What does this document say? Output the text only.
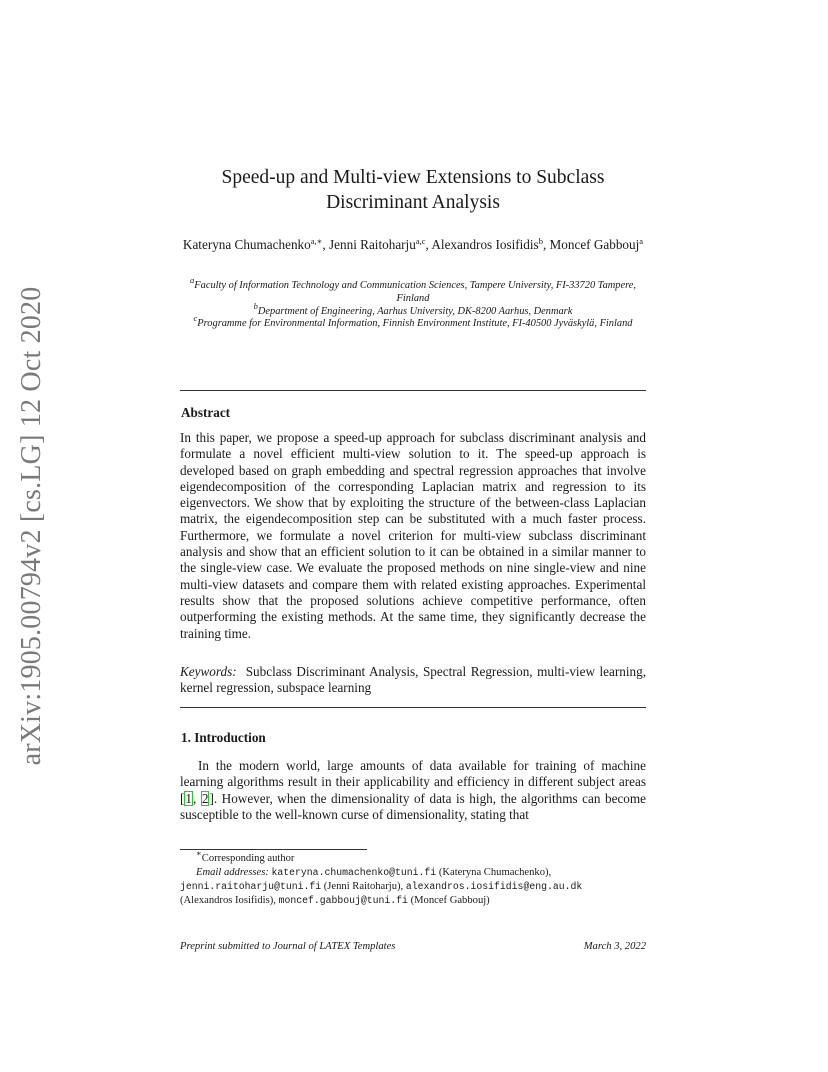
arXiv:1905.00794v2 [cs.LG] 12 Oct 2020
Speed-up and Multi-view Extensions to Subclass
Discriminant Analysis
Kateryna Chumachenko$^{a,∗}$, Jenni Raitoharju$^{a,c}$, Alexandros Iosifidis$^b$, Moncef Gabbouj$^a$
$^a$Faculty of Information Technology and Communication Sciences, Tampere University, FI-33720 Tampere, Finland
$^b$Department of Engineering, Aarhus University, DK-8200 Aarhus, Denmark
$^c$Programme for Environmental Information, Finnish Environment Institute, FI-40500 Jyväskylä, Finland
Abstract
In this paper, we propose a speed-up approach for subclass discriminant analysis and formulate a novel efficient multi-view solution to it. The speed-up approach is developed based on graph embedding and spectral regression approaches that involve eigendecomposition of the corresponding Laplacian matrix and regression to its eigenvectors. We show that by exploiting the structure of the between-class Laplacian matrix, the eigendecomposition step can be substituted with a much faster process. Furthermore, we formulate a novel criterion for multi-view subclass discriminant analysis and show that an efficient solution to it can be obtained in a similar manner to the single-view case. We evaluate the proposed methods on nine single-view and nine multi-view datasets and compare them with related existing approaches. Experimental results show that the proposed solutions achieve competitive performance, often outperforming the existing methods. At the same time, they significantly decrease the training time.
Keywords: Subclass Discriminant Analysis, Spectral Regression, multi-view learning, kernel regression, subspace learning
1. Introduction
In the modern world, large amounts of data available for training of machine learning algorithms result in their applicability and efficiency in different subject areas [1, 2]. However, when the dimensionality of data is high, the algorithms can become susceptible to the well-known curse of dimensionality, stating that
∗Corresponding author
Email addresses: kateryna.chumachenko@tuni.fi (Kateryna Chumachenko),
jenni.raitoharju@tuni.fi (Jenni Raitoharju), alexandros.iosifidis@eng.au.dk
(Alexandros Iosifidis), moncef.gabbouj@tuni.fi (Moncef Gabbouj)
Preprint submitted to Journal of LATEX Templates	March 3, 2022
